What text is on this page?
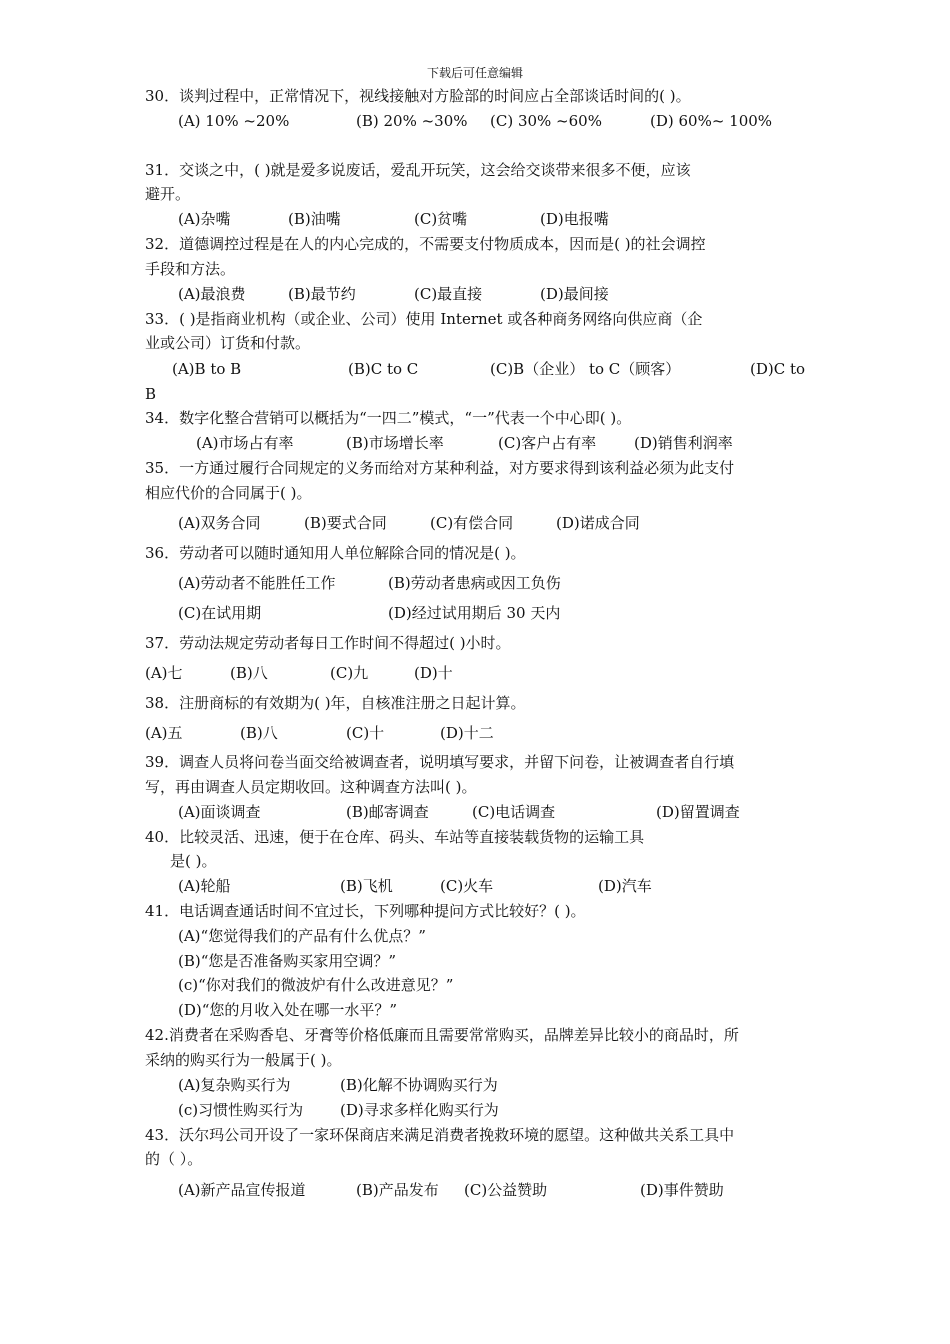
下载后可任意编辑
30．谈判过程中，正常情况下，视线接触对方脸部的时间应占全部谈话时间的( )。
(A) 10% ~20%	(B) 20% ~30% (C) 30% ~60%	(D) 60%~ 100%
31．交谈之中，( )就是爱多说废话，爱乱开玩笑，这会给交谈带来很多不便，应该
避开。
(A)杂嘴	(B)油嘴	(C)贫嘴	(D)电报嘴
32．道德调控过程是在人的内心完成的，不需要支付物质成本，因而是( )的社会调控
手段和方法。
(A)最浪费	(B)最节约	(C)最直接	(D)最间接
33．( )是指商业机构（或企业、公司）使用 Internet 或各种商务网络向供应商（企
业或公司）订货和付款。
(A)B to B	(B)C to C	(C)B（企业） to C（顾客）	(D)C to
B
34．数字化整合营销可以概括为“一四二”模式，“一”代表一个中心即( )。
(A)市场占有率	(B)市场增长率	(C)客户占有率	(D)销售利润率
35．一方通过履行合同规定的义务而给对方某种利益，对方要求得到该利益必须为此支付
相应代价的合同属于( )。
(A)双务合同	(B)要式合同	(C)有偿合同	(D)诺成合同
36．劳动者可以随时通知用人单位解除合同的情况是( )。
(A)劳动者不能胜任工作	(B)劳动者患病或因工负伤
(C)在试用期	(D)经过试用期后 30 天内
37．劳动法规定劳动者每日工作时间不得超过( )小时。
(A)七	(B)八	(C)九	(D)十
38．注册商标的有效期为( )年，自核准注册之日起计算。
(A)五	(B)八	(C)十	(D)十二
39．调查人员将问卷当面交给被调查者，说明填写要求，并留下问卷，让被调查者自行填
写，再由调查人员定期收回。这种调查方法叫( )。
(A)面谈调查	(B)邮寄调查	(C)电话调查	(D)留置调查
40．比较灵活、迅速，便于在仓库、码头、车站等直接装载货物的运输工具
是( )。
(A)轮船	(B)飞机	(C)火车	(D)汽车
41．电话调查通话时间不宜过长，下列哪种提问方式比较好？( )。
(A)“您觉得我们的产品有什么优点？”
(B)“您是否准备购买家用空调？”
(c)“你对我们的微波炉有什么改进意见？”
(D)“您的月收入处在哪一水平？”
42.消费者在采购香皂、牙膏等价格低廉而且需要常常购买，品牌差异比较小的商品时，所
采纳的购买行为一般属于( )。
(A)复杂购买行为	(B)化解不协调购买行为
(c)习惯性购买行为 (D)寻求多样化购买行为
43．沃尔玛公司开设了一家环保商店来满足消费者挽救环境的愿望。这种做共关系工具中
的（ ）。
(A)新产品宣传报道	(B)产品发布 (C)公益赞助	(D)事件赞助
